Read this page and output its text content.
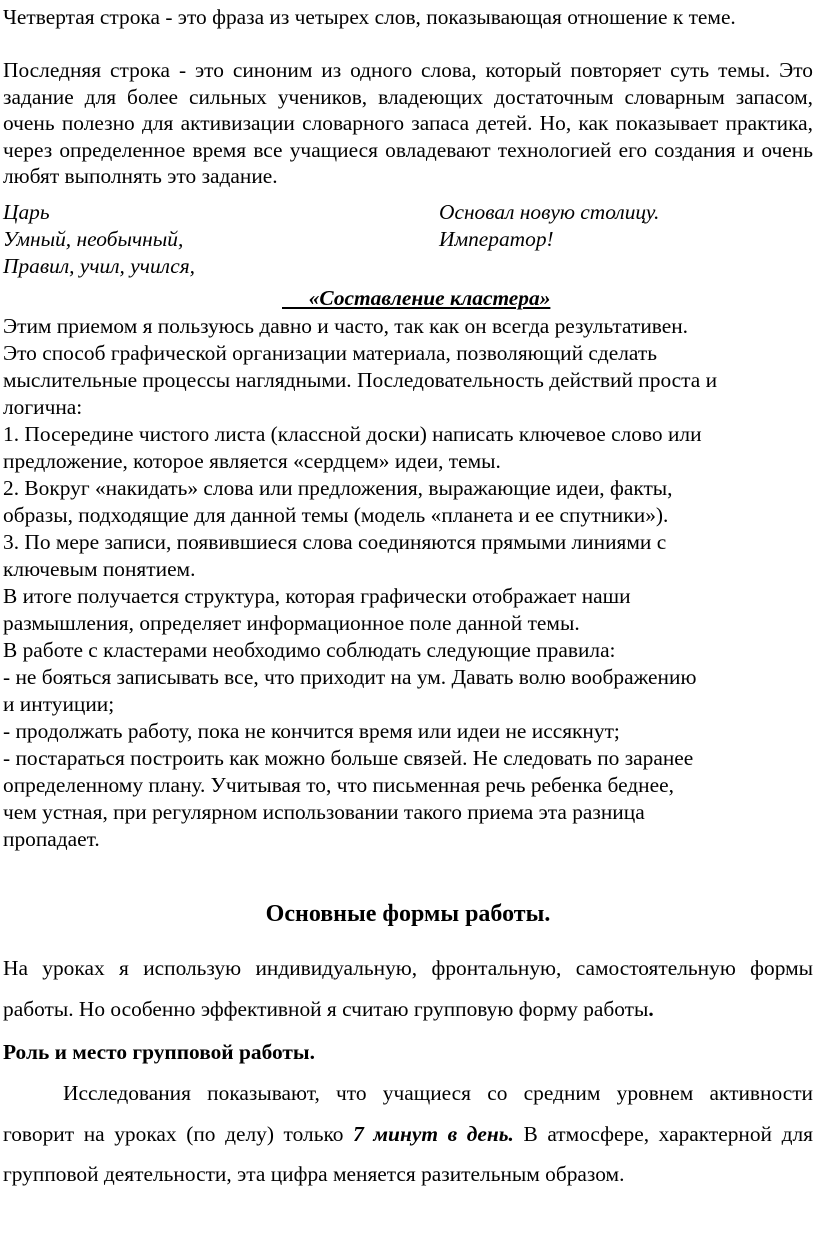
Четвертая строка - это фраза из четырех слов, показывающая отношение к теме.

Последняя строка - это синоним из одного слова, который повторяет суть темы. Это задание для более сильных учеников, владеющих достаточным словарным запасом, очень полезно для активизации словарного запаса детей. Но, как показывает практика, через определенное время все учащиеся овладевают технологией его создания и очень любят выполнять это задание.

Царь	Основал новую столицу.
Умный, необычный,	Император!
Правил, учил, учился,
«Составление кластера»
Этим приемом я пользуюсь давно и часто, так как он всегда результативен.
Это способ графической организации материала, позволяющий сделать
мыслительные процессы наглядными. Последовательность действий проста и
логична:
1. Посередине чистого листа (классной доски) написать ключевое слово или
предложение, которое является «сердцем» идеи, темы.
2. Вокруг «накидать» слова или предложения, выражающие идеи, факты,
образы, подходящие для данной темы (модель «планета и ее спутники»).
3. По мере записи, появившиеся слова соединяются прямыми линиями с
ключевым понятием.
В итоге получается структура, которая графически отображает наши
размышления, определяет информационное поле данной темы.
В работе с кластерами необходимо соблюдать следующие правила:
- не бояться записывать все, что приходит на ум. Давать волю воображению
и интуиции;
- продолжать работу, пока не кончится время или идеи не иссякнут;
- постараться построить как можно больше связей. Не следовать по заранее
определенному плану. Учитывая то, что письменная речь ребенка беднее,
чем устная, при регулярном использовании такого приема эта разница
пропадает.
Основные формы работы.

На уроках я использую индивидуальную, фронтальную, самостоятельную формы работы. Но особенно эффективной я считаю групповую форму работы.

Роль и место групповой работы.

Исследования показывают, что учащиеся со средним уровнем активности говорит на уроках (по делу) только 7 минут в день. В атмосфере, характерной для групповой деятельности, эта цифра меняется разительным образом.
